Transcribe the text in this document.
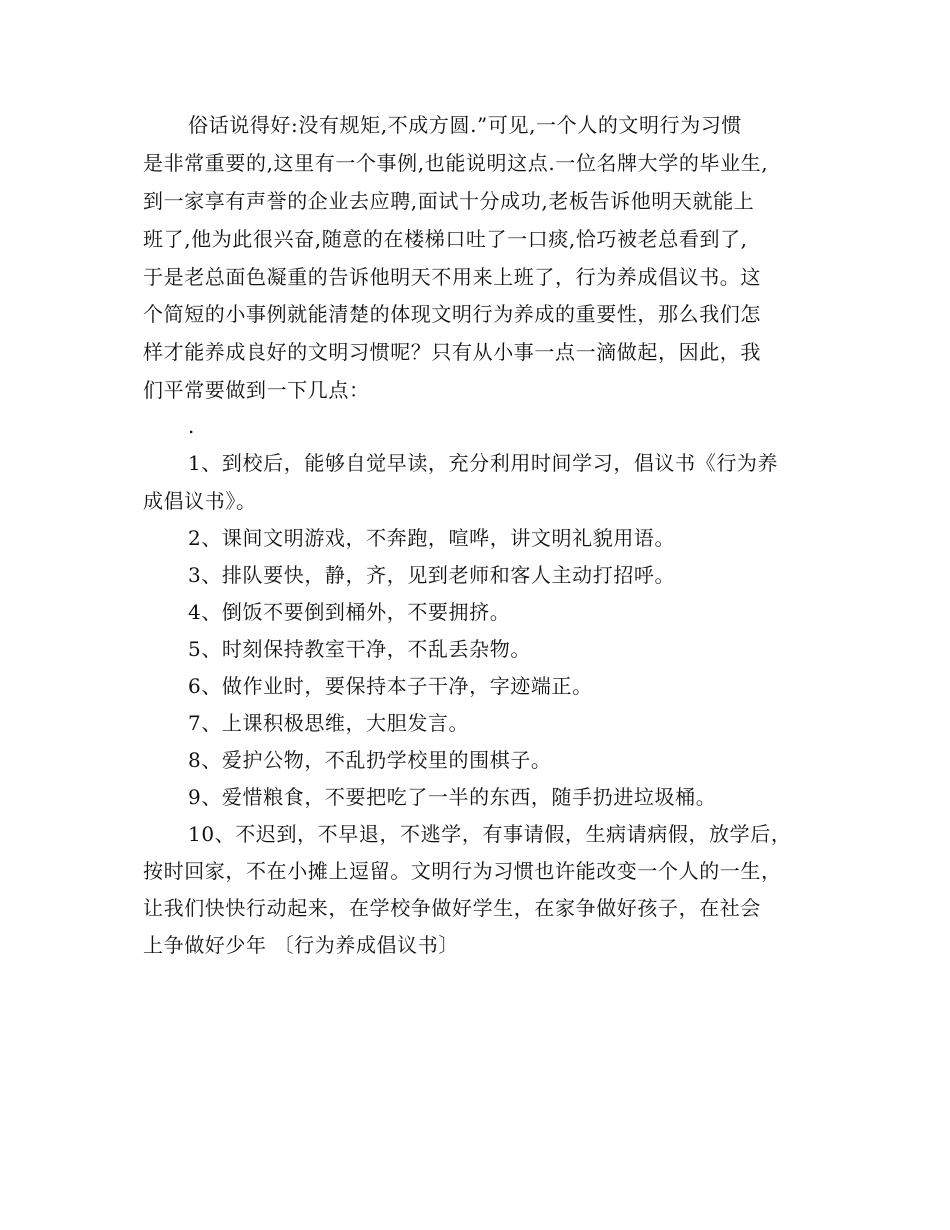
俗话说得好:没有规矩,不成方圆.”可见,一个人的文明行为习惯
是非常重要的,这里有一个事例,也能说明这点.一位名牌大学的毕业生,
到一家享有声誉的企业去应聘,面试十分成功,老板告诉他明天就能上
班了,他为此很兴奋,随意的在楼梯口吐了一口痰,恰巧被老总看到了,
于是老总面色凝重的告诉他明天不用来上班了，行为养成倡议书。这
个简短的小事例就能清楚的体现文明行为养成的重要性，那么我们怎
样才能养成良好的文明习惯呢？只有从小事一点一滴做起，因此，我
们平常要做到一下几点：
.
1、到校后，能够自觉早读，充分利用时间学习，倡议书《行为养
成倡议书》。
2、课间文明游戏，不奔跑，喧哗，讲文明礼貌用语。
3、排队要快，静，齐，见到老师和客人主动打招呼。
4、倒饭不要倒到桶外，不要拥挤。
5、时刻保持教室干净，不乱丢杂物。
6、做作业时，要保持本子干净，字迹端正。
7、上课积极思维，大胆发言。
8、爱护公物，不乱扔学校里的围棋子。
9、爱惜粮食，不要把吃了一半的东西，随手扔进垃圾桶。
10、不迟到，不早退，不逃学，有事请假，生病请病假，放学后，
按时回家，不在小摊上逗留。文明行为习惯也许能改变一个人的一生，
让我们快快行动起来，在学校争做好学生，在家争做好孩子，在社会
上争做好少年 〔行为养成倡议书〕
